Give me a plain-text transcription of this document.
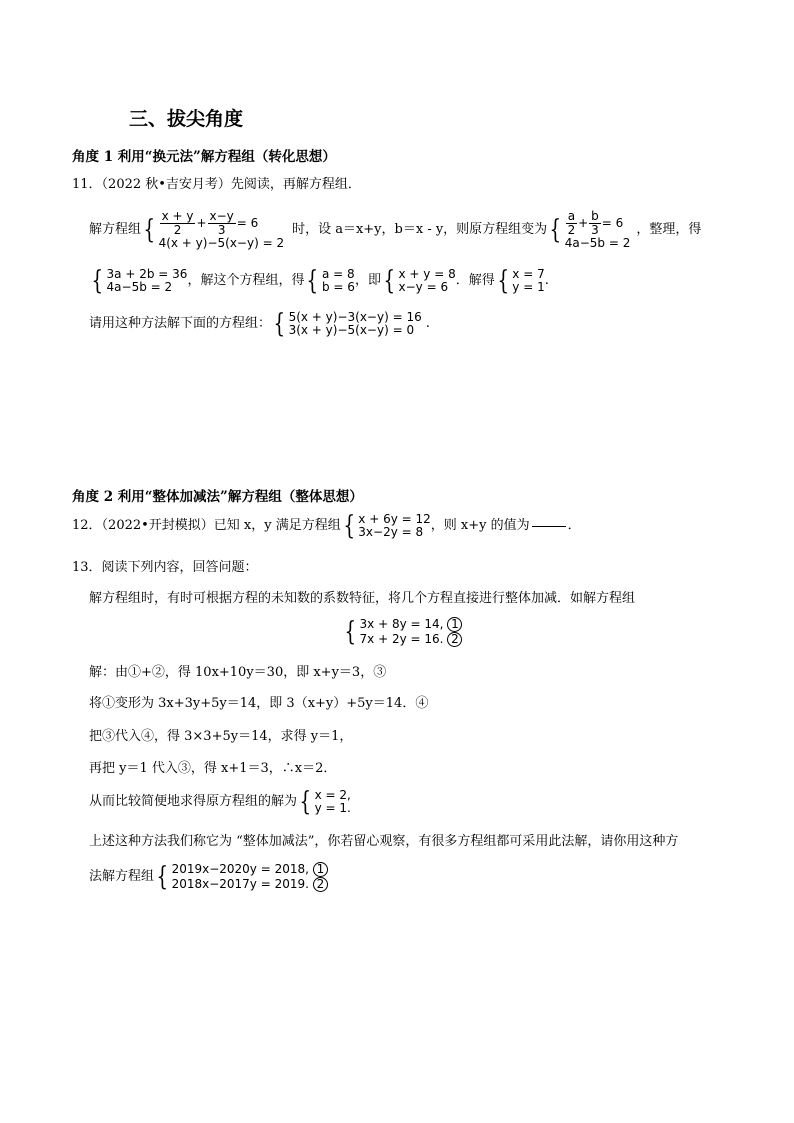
三、拔尖角度
角度 1 利用“换元法”解方程组（转化思想）
11．（2022 秋•吉安月考）先阅读，再解方程组．
解方程组 { $\frac{x + y}{2} + \frac{x-y}{3} = 6$
4(x + y)−5(x−y) = 2
时，设 a＝x+y，b＝x - y，则原方程组变为 { $\frac{a}{2} + \frac{b}{3} = 6$
4a−5b = 2
，整理，得
{ 3a + 2b = 36
4a−5b = 2	，解这个方程组，得 { a = 8
b = 6 ，即 { x + y = 8
x−y = 6 ．解得 { x = 7
y = 1 .
请用这种方法解下面的方程组： { 5(x + y)−3(x−y) = 16
3(x + y)−5(x−y) = 0 .
角度 2 利用“整体加减法”解方程组（整体思想）
12．（2022•开封模拟）已知 x，y 满足方程组 { x + 6y = 12
3x−2y = 8 ，则 x+y 的值为	．
13．阅读下列内容，回答问题：
解方程组时，有时可根据方程的未知数的系数特征，将几个方程直接进行整体加减．如解方程组
{ 3x + 8y = 14, 1
7x + 2y = 16. 2
解：由①+②，得 10x+10y＝30，即 x+y＝3，③
将①变形为 3x+3y+5y＝14，即 3（x+y）+5y＝14．④
把③代入④，得 3×3+5y＝14，求得 y＝1，
再把 y＝1 代入③，得 x+1＝3，∴x＝2．
从而比较简便地求得原方程组的解为 { x = 2,
y = 1.
上述这种方法我们称它为 “整体加减法”，你若留心观察，有很多方程组都可采用此法解，请你用这种方
法解方程组 { 2019x−2020y = 2018, 1
2018x−2017y = 2019. 2
